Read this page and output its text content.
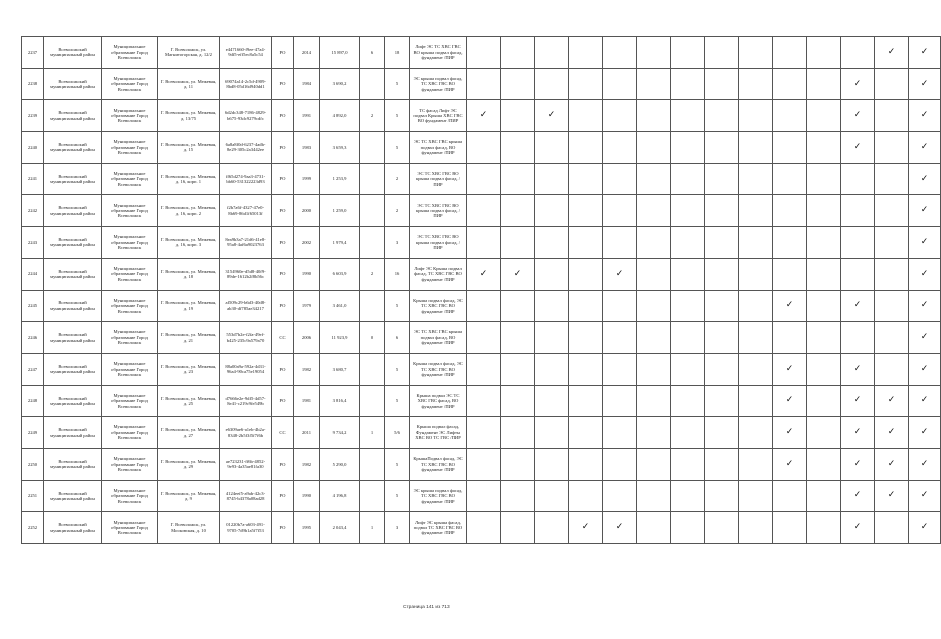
2237	Всеволожский муниципальный район	Муниципальное образование Город Всеволожск	Г. Всеволожск, ул. Магнитогорская, д. 12/2	e4471660-f9ee-47a4-9df5-eff5ec8a5c54	РО	2014	15 897,0	6	18	Лифт ЭС ТС ХВС ГВС ВО крыша подвал фасад, фундамент /ПИР													✓	✓
2238	Всеволожский муниципальный район	Муниципальное образование Город Всеволожск	Г. Всеволожск, ул. Межевая, д. 11	69074a14-2c5d-4909-8bd8-05d16d940dd1	РО	1984	3 690,2		5	ЭС крыша подвал фасад, ТС ХВС ГВС ВО фундамент /ПИР												✓		✓
2239	Всеволожский муниципальный район	Муниципальное образование Город Всеволожск	Г. Всеволожск, ул. Межевая, д. 13/75	6d2dc348-7186-4829-b675-93dc9279cdfc	РО	1991	4 892,0	2	5	ТС фасад Лифт ЭС подвал Крыша ХВС ГВС ВО фундамент /ПИР	✓		✓									✓		✓
2240	Всеволожский муниципальный район	Муниципальное образование Город Всеволожск	Г. Всеволожск, ул. Межевая, д. 15	6a8a8f0d-6237-4adb-8e29-305c2a3442ee	РО	1983	3 659,3		5	ЭС ТС ХВС ГВС крыша подвал фасад, ВО фундамент /ПИР												✓		✓
2241	Всеволожский муниципальный район	Муниципальное образование Город Всеволожск	Г. Всеволожск, ул. Межевая, д. 16, корп. 1	ff65d274-9aa3-4731-bb60-531322223d93	РО	1999	1 253,9		2	ЭС ТС ХВС ГВС ВО крыша подвал фасад, /ПИР														✓
2242	Всеволожский муниципальный район	Муниципальное образование Город Всеволожск	Г. Всеволожск, ул. Межевая, д. 16, корп. 2	f2b7a6f-4327-47e0-8b69-86d1f65013f	РО	2000	1 259,0		2	ЭС ТС ХВС ГВС ВО крыша подвал фасад, /ПИР														✓
2243	Всеволожский муниципальный район	Муниципальное образование Город Всеволожск	Г. Всеволожск, ул. Межевая, д. 16, корп. 3	8ea9b3a7-21d6-41e8-95a8-4af6a9023763	РО	2002	1 979,4		3	ЭС ТС ХВС ГВС ВО крыша подвал фасад, /ПИР														✓
2244	Всеволожский муниципальный район	Муниципальное образование Город Всеволожск	Г. Всеволожск, ул. Межевая, д. 18	3154960e-d5d8-40f9-89de-1612b2f8b56c	РО	1990	6 603,9	2	16	Лифт ЭС Крыша подвал фасад, ТС ХВС ГВС ВО фундамент /ПИР	✓	✓			✓									✓
2245	Всеволожский муниципальный район	Муниципальное образование Город Всеволожск	Г. Всеволожск, ул. Межевая, д. 19	af509c29-b6d3-40d8-ab30-df785ae34217	РО	1979	3 461,0		5	Крыша подвал фасад, ЭС ТС ХВС ГВС ВО фундамент /ПИР										✓		✓		✓
2246	Всеволожский муниципальный район	Муниципальное образование Город Всеволожск	Г. Всеволожск, ул. Межевая, д. 21	553d7b2e-f2fa-49ef-b425-235c9a579a70	СС	2006	11 923,9	0	6	ЭС ТС ХВС ГВС крыша подвал фасад, ВО фундамент /ПИР														✓
2247	Всеволожский муниципальный район	Муниципальное образование Город Всеволожск	Г. Всеволожск, ул. Межевая, д. 23	88a00a9a-592a-4d31-96a4-90ca75e19054	РО	1982	3 680,7		5	Крыша подвал фасад, ЭС ТС ХВС ГВС ВО фундамент /ПИР										✓		✓		✓
2248	Всеволожский муниципальный район	Муниципальное образование Город Всеволожск	Г. Всеволожск, ул. Межевая, д. 25	d7666e2e-9df5-4d57-8e41-c219c9fe549b	РО	1981	3 816,4		5	Крыша подвал ЭС ТС ХВС ГВС фасад, ВО фундамент /ПИР										✓		✓	✓	✓
2249	Всеволожский муниципальный район	Муниципальное образование Город Всеволожск	Г. Всеволожск, ул. Межевая, д. 27	e6309ae6-a1eb-4b2a-8348-2b5f3f5f7f6b	СС	2011	9 734,2	1	5/6	Крыша подвал фасад, Фундамент ЭС Лифты ХВС ВО ТС ГВС /ПИР										✓		✓	✓	✓
2250	Всеволожский муниципальный район	Муниципальное образование Город Всеволожск	Г. Всеволожск, ул. Межевая, д. 29	ae723231-ff6b-4852-9e93-4a35ae81fa30	РО	1982	5 290,0		5	КрышаПодвал фасад, ЭС ТС ХВС ГВС ВО фундамент /ПИР										✓		✓	✓	✓
2251	Всеволожский муниципальный район	Муниципальное образование Город Всеволожск	Г. Всеволожск, ул. Межевая, д. 9	4124eef5-a9ab-42c3-8745-b4378a08ad28	РО	1990	4 196,8		5	ЭС крыша подвал фасад, ТС ХВС ГВС ВО фундамент /ПИР												✓	✓	✓
2252	Всеволожский муниципальный район	Муниципальное образование Город Всеволожск	Г. Всеволожск, ул. Московская, д. 10	01220b7a-a603-491-9705-7d9b1a5f7f53	РО	1995	2 043,4	1	3	Лифт ЭС крыша фасад, подвал ТС ХВС ГВС ВО фундамент /ПИР				✓	✓							✓		✓
Страница 141 из 713
